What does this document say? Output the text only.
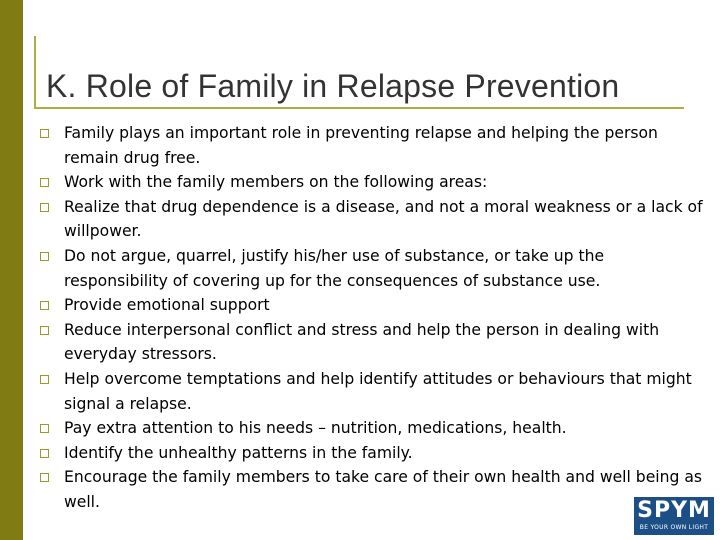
K. Role of Family in Relapse Prevention
Family plays an important role in preventing relapse and helping the person remain drug free.
Work with the family members on the following areas:
Realize that drug dependence is a disease, and not a moral weakness or a lack of willpower.
Do not argue, quarrel, justify his/her use of substance, or take up the responsibility of covering up for the consequences of substance use.
Provide emotional support
Reduce interpersonal conflict and stress and help the person in dealing with everyday stressors.
Help overcome temptations and help identify attitudes or behaviours that might signal a relapse.
Pay extra attention to his needs – nutrition, medications, health.
Identify the unhealthy patterns in the family.
Encourage the family members to take care of their own health and well being as well.	SPYM
BE YOUR OWN LIGHT
